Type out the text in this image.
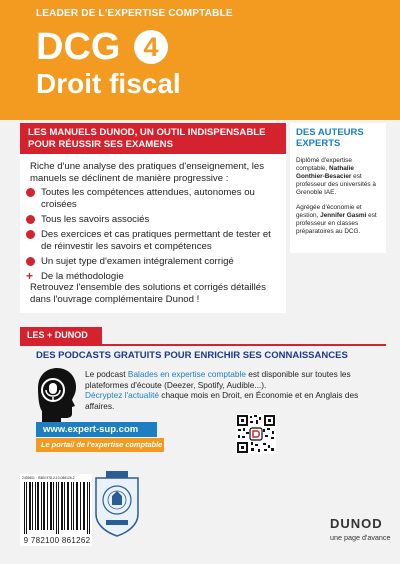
LEADER DE L'EXPERTISE COMPTABLE
DCG 4
Droit fiscal
LES MANUELS DUNOD, UN OUTIL INDISPENSABLE POUR RÉUSSIR SES EXAMENS
Riche d'une analyse des pratiques d'enseignement, les manuels se déclinent de manière progressive :
Toutes les compétences attendues, autonomes ou croisées
Tous les savoirs associés
Des exercices et cas pratiques permettant de tester et de réinvestir les savoirs et compétences
Un sujet type d'examen intégralement corrigé
+ De la méthodologie
Retrouvez l'ensemble des solutions et corrigés détaillés dans l'ouvrage complémentaire Dunod !
DES AUTEURS EXPERTS
Diplômé d'expertise comptable, Nathalie Gonthier-Besacier est professeur des universités à Grenoble IAE.
Agrégée d'économie et gestion, Jennifer Gasmi est professeur en classes préparatoires au DCG.
LES + DUNOD
DES PODCASTS GRATUITS POUR ENRICHIR SES CONNAISSANCES
Le podcast Balades en expertise comptable est disponible sur toutes les plateformes d'écoute (Deezer, Spotify, Audible...).
Décryptez l'actualité chaque mois en Droit, en Économie et en Anglais des affaires.
www.expert-sup.com
Le portail de l'expertise comptable
2439601 · ISBN 978-2-10-086126-2
9 782100 861262
DUNOD
une page d'avance
